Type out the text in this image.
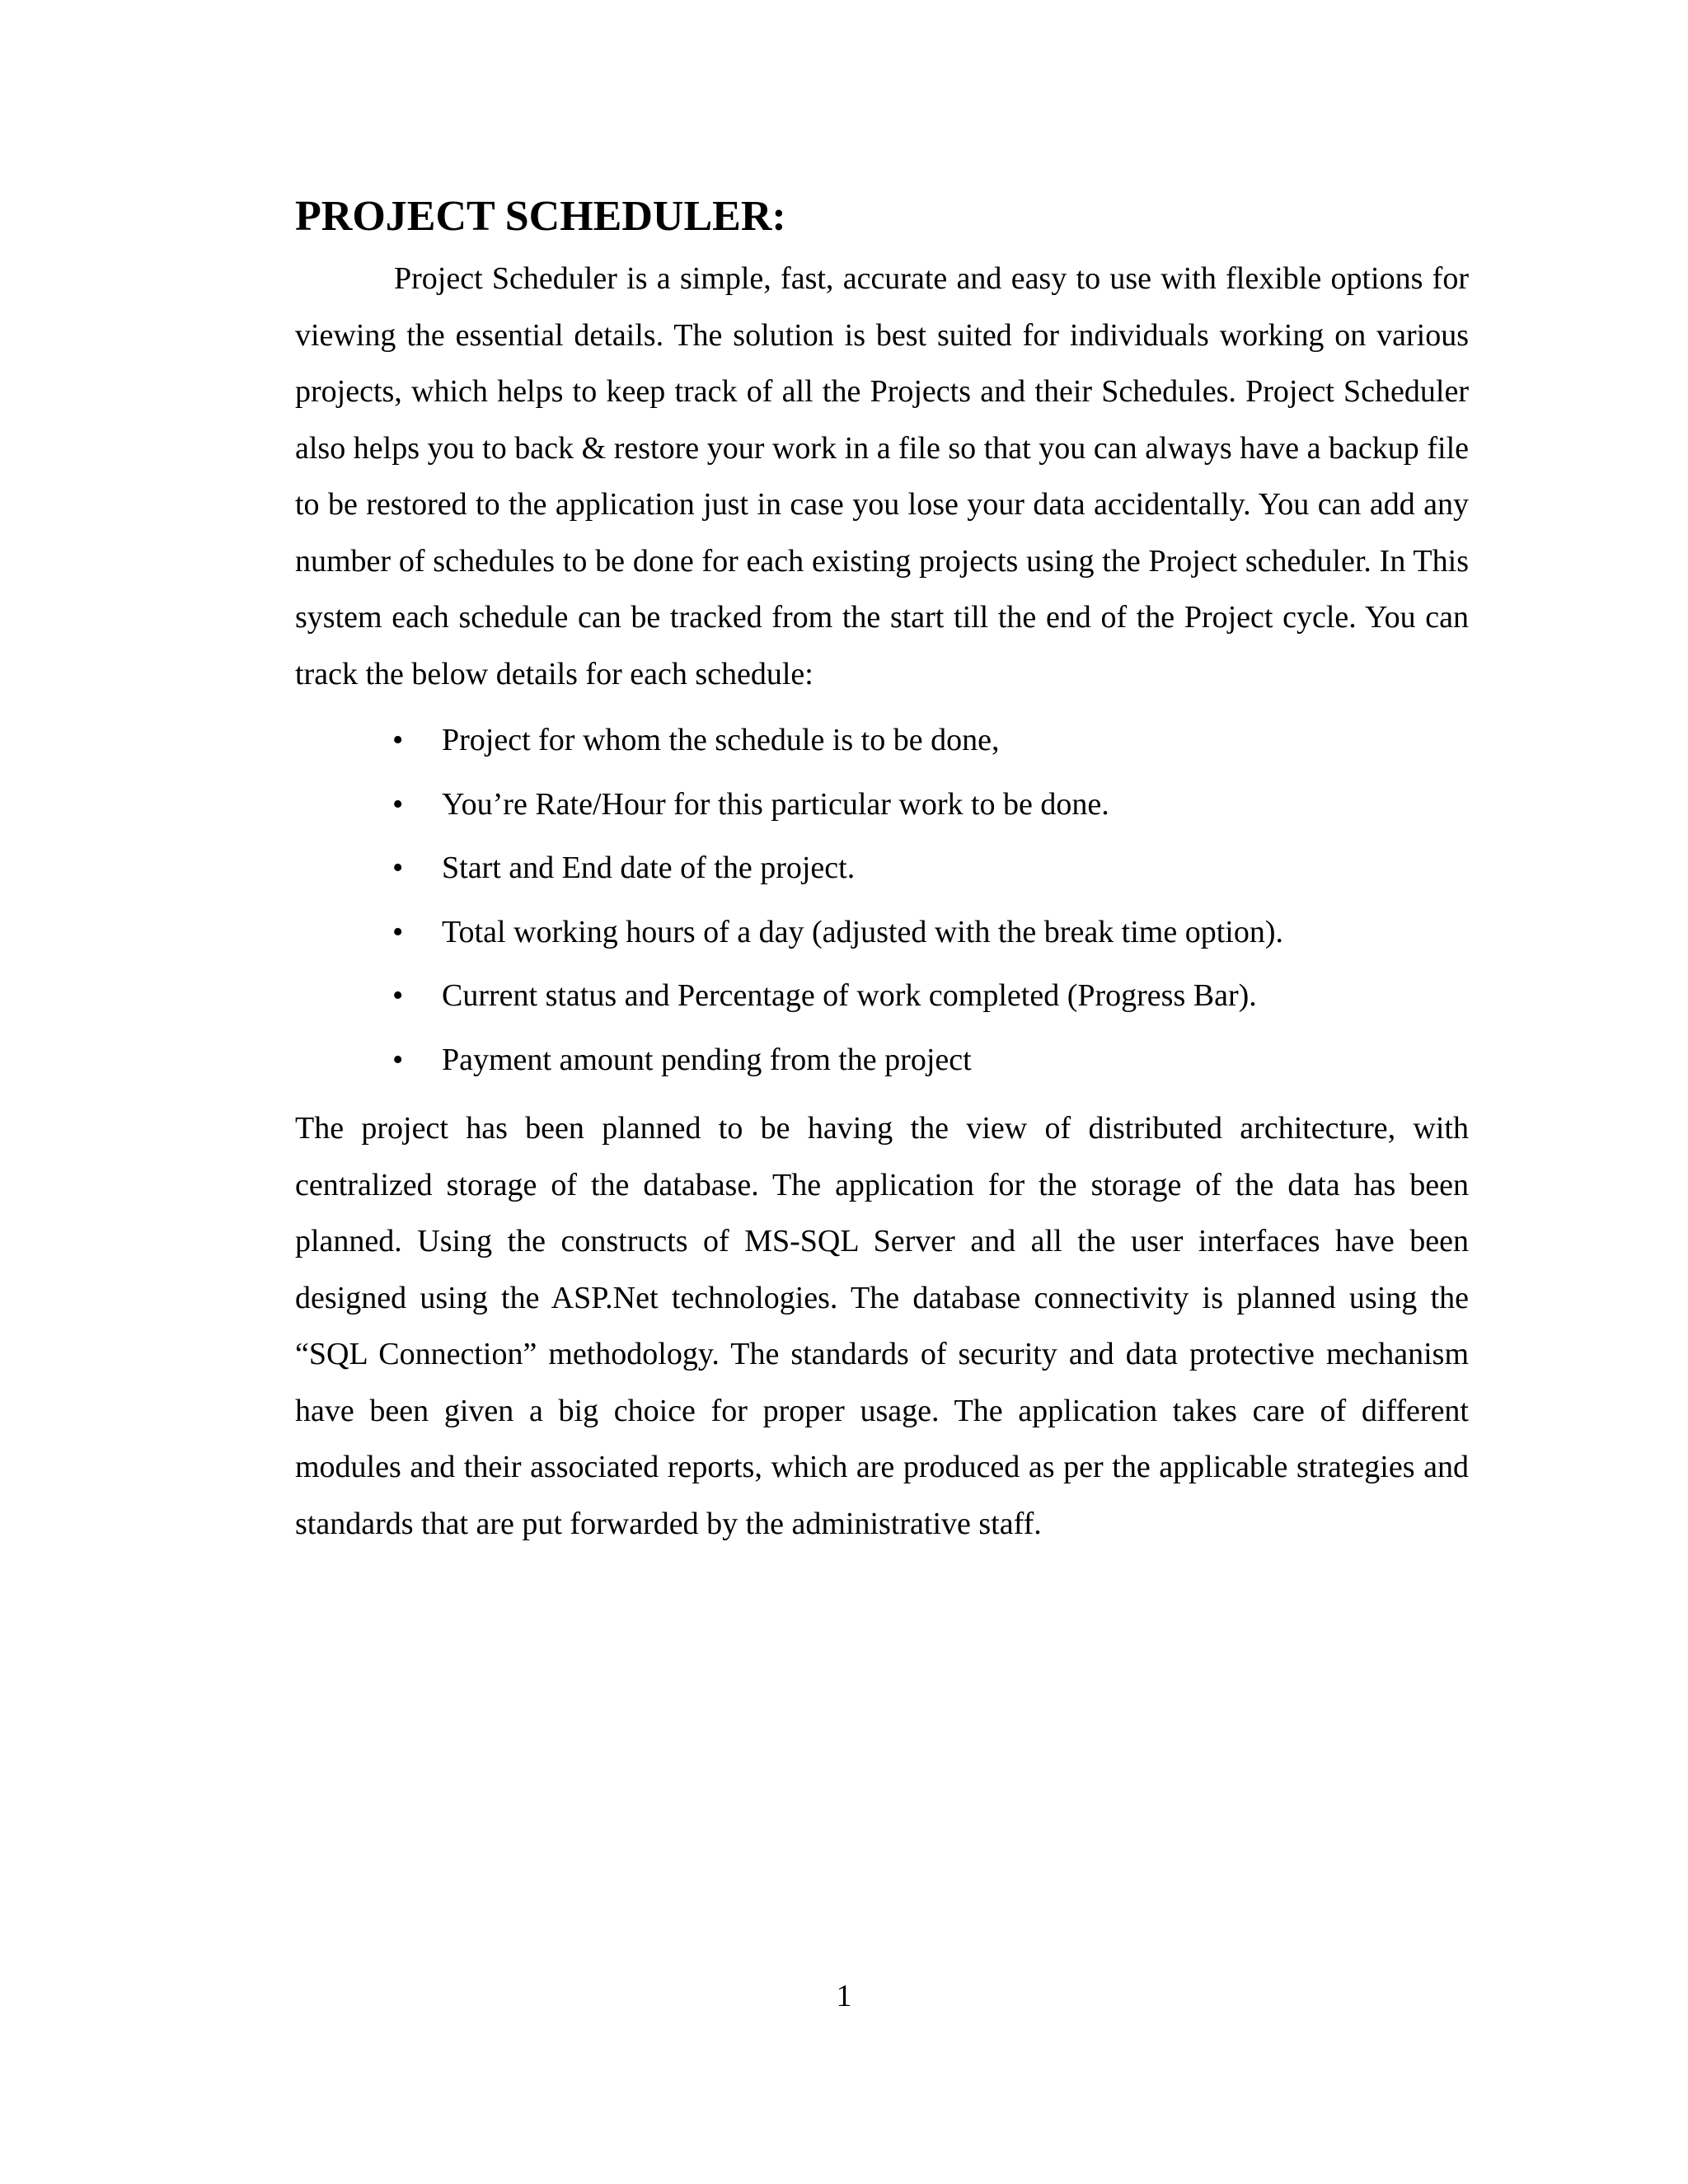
PROJECT SCHEDULER:

Project Scheduler is a simple, fast, accurate and easy to use with flexible options for viewing the essential details. The solution is best suited for individuals working on various projects, which helps to keep track of all the Projects and their Schedules. Project Scheduler also helps you to back & restore your work in a file so that you can always have a backup file to be restored to the application just in case you lose your data accidentally. You can add any number of schedules to be done for each existing projects using the Project scheduler. In This system each schedule can be tracked from the start till the end of the Project cycle. You can track the below details for each schedule:

• Project for whom the schedule is to be done,
• You’re Rate/Hour for this particular work to be done.
• Start and End date of the project.
• Total working hours of a day (adjusted with the break time option).
• Current status and Percentage of work completed (Progress Bar).
• Payment amount pending from the project

The project has been planned to be having the view of distributed architecture, with centralized storage of the database. The application for the storage of the data has been planned. Using the constructs of MS-SQL Server and all the user interfaces have been designed using the ASP.Net technologies. The database connectivity is planned using the “SQL Connection” methodology. The standards of security and data protective mechanism have been given a big choice for proper usage. The application takes care of different modules and their associated reports, which are produced as per the applicable strategies and standards that are put forwarded by the administrative staff.

1
